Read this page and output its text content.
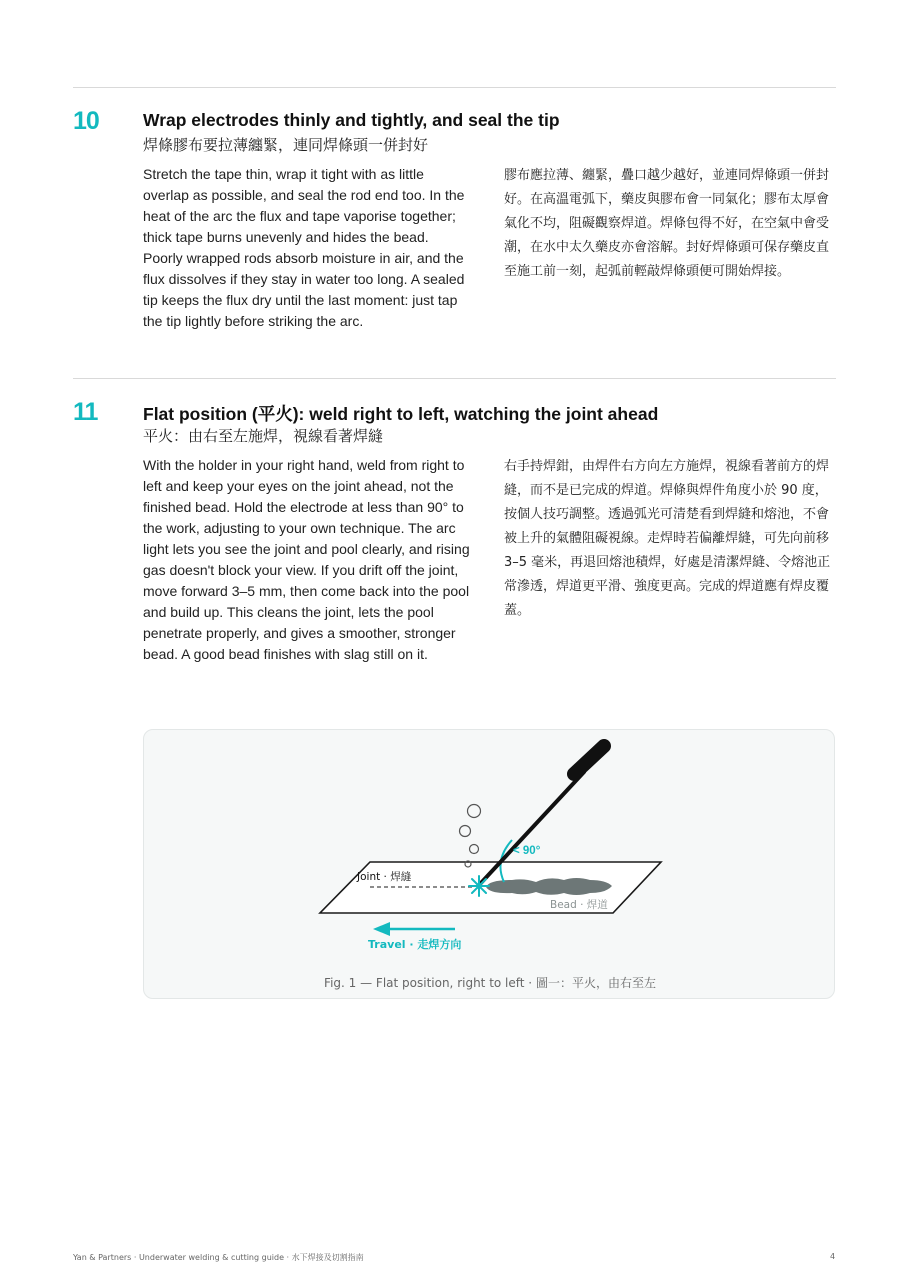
10	Wrap electrodes thinly and tightly, and seal the tip
焊條膠布要拉薄纏緊，連同焊條頭一併封好
Stretch the tape thin, wrap it tight with as little overlap as possible, and seal the rod end too. In the heat of the arc the flux and tape vaporise together; thick tape burns unevenly and hides the bead. Poorly wrapped rods absorb moisture in air, and the flux dissolves if they stay in water too long. A sealed tip keeps the flux dry until the last moment: just tap the tip lightly before striking the arc.
膠布應拉薄、纏緊，疊口越少越好，並連同焊條頭一併封好。在高溫電弧下，藥皮與膠布會一同氣化；膠布太厚會氣化不均，阻礙觀察焊道。焊條包得不好，在空氣中會受潮，在水中太久藥皮亦會溶解。封好焊條頭可保存藥皮直至施工前一刻，起弧前輕敲焊條頭便可開始焊接。
11	Flat position (平火): weld right to left, watching the joint ahead
平火：由右至左施焊，視線看著焊縫
With the holder in your right hand, weld from right to left and keep your eyes on the joint ahead, not the finished bead. Hold the electrode at less than 90° to the work, adjusting to your own technique. The arc light lets you see the joint and pool clearly, and rising gas doesn't block your view. If you drift off the joint, move forward 3–5 mm, then come back into the pool and build up. This cleans the joint, lets the pool penetrate properly, and gives a smoother, stronger bead. A good bead finishes with slag still on it.
右手持焊鉗，由焊件右方向左方施焊，視線看著前方的焊縫，而不是已完成的焊道。焊條與焊件角度小於 90 度，按個人技巧調整。透過弧光可清楚看到焊縫和熔池，不會被上升的氣體阻礙視線。走焊時若偏離焊縫，可先向前移 3–5 毫米，再退回熔池積焊，好處是清潔焊縫、令熔池正常滲透，焊道更平滑、強度更高。完成的焊道應有焊皮覆蓋。
< 90°
Joint · 焊縫
Bead · 焊道
Travel · 走焊方向
Fig. 1 — Flat position, right to left · 圖一：平火，由右至左
Yan & Partners · Underwater welding & cutting guide · 水下焊接及切割指南	4
